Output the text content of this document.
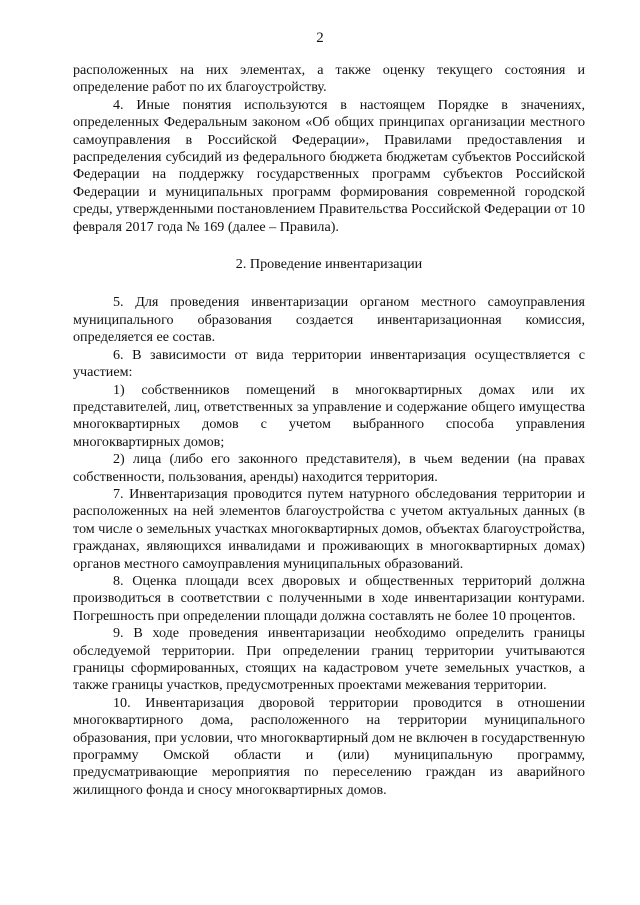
2

расположенных на них элементах, а также оценку текущего состояния и определение работ по их благоустройству.

4. Иные понятия используются в настоящем Порядке в значениях, определенных Федеральным законом «Об общих принципах организации местного самоуправления в Российской Федерации», Правилами предоставления и распределения субсидий из федерального бюджета бюджетам субъектов Российской Федерации на поддержку государственных программ субъектов Российской Федерации и муниципальных программ формирования современной городской среды, утвержденными постановлением Правительства Российской Федерации от 10 февраля 2017 года № 169 (далее – Правила).

2. Проведение инвентаризации

5. Для проведения инвентаризации органом местного самоуправления муниципального образования создается инвентаризационная комиссия, определяется ее состав.

6. В зависимости от вида территории инвентаризация осуществляется с участием:

1) собственников помещений в многоквартирных домах или их представителей, лиц, ответственных за управление и содержание общего имущества многоквартирных домов с учетом выбранного способа управления многоквартирных домов;

2) лица (либо его законного представителя), в чьем ведении (на правах собственности, пользования, аренды) находится территория.

7. Инвентаризация проводится путем натурного обследования территории и расположенных на ней элементов благоустройства с учетом актуальных данных (в том числе о земельных участках многоквартирных домов, объектах благоустройства, гражданах, являющихся инвалидами и проживающих в многоквартирных домах) органов местного самоуправления муниципальных образований.

8. Оценка площади всех дворовых и общественных территорий должна производиться в соответствии с полученными в ходе инвентаризации контурами. Погрешность при определении площади должна составлять не более 10 процентов.

9. В ходе проведения инвентаризации необходимо определить границы обследуемой территории. При определении границ территории учитываются границы сформированных, стоящих на кадастровом учете земельных участков, а также границы участков, предусмотренных проектами межевания территории.

10. Инвентаризация дворовой территории проводится в отношении многоквартирного дома, расположенного на территории муниципального образования, при условии, что многоквартирный дом не включен в государственную программу Омской области и (или) муниципальную программу, предусматривающие мероприятия по переселению граждан из аварийного жилищного фонда и сносу многоквартирных домов.
